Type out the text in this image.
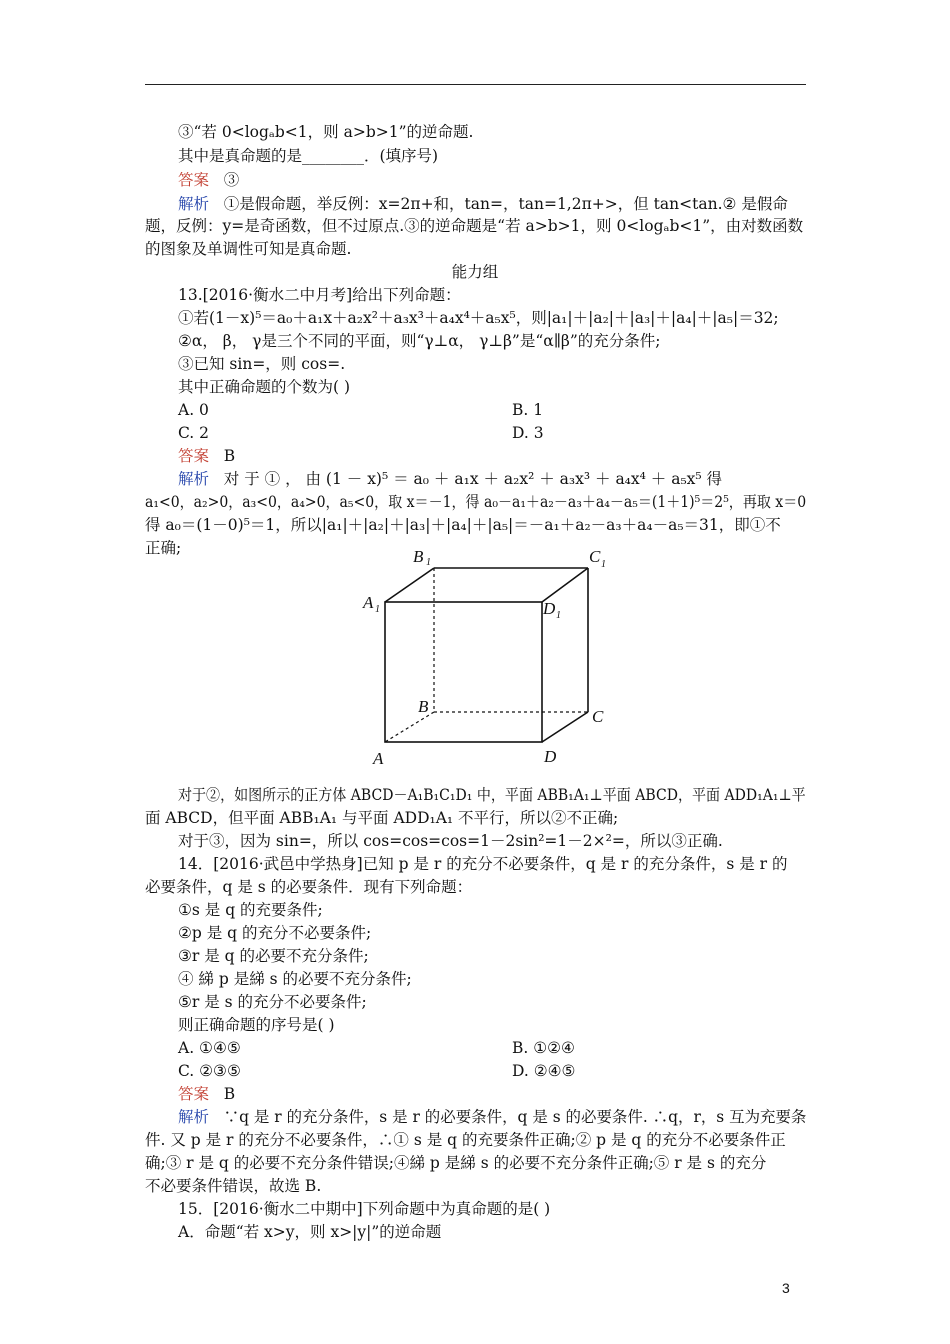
③“若 0<logₐb<1，则 a>b>1”的逆命题.
其中是真命题的是________．(填序号)
答案 ③
解析 ①是假命题，举反例：x=2π+和，tan=，tan=1,2π+>，但 tan<tan.② 是假命
题，反例：y=是奇函数，但不过原点.③的逆命题是“若 a>b>1，则 0<logₐb<1”，由对数函数
的图象及单调性可知是真命题.
能力组
13.[2016·衡水二中月考]给出下列命题：
①若(1－x)⁵＝a₀＋a₁x＋a₂x²＋a₃x³＋a₄x⁴＋a₅x⁵，则|a₁|＋|a₂|＋|a₃|＋|a₄|＋|a₅|＝32;
②α， β， γ是三个不同的平面，则“γ⊥α， γ⊥β”是“α∥β”的充分条件;
③已知 sin=，则 cos=.
其中正确命题的个数为( )
A. 0	B. 1
C. 2	D. 3
答案 B
解析 对 于 ① ， 由 (1 － x)⁵ ＝ a₀ ＋ a₁x ＋ a₂x² ＋ a₃x³ ＋ a₄x⁴ ＋ a₅x⁵ 得
a₁<0，a₂>0，a₃<0，a₄>0，a₅<0，取 x＝－1，得 a₀－a₁＋a₂－a₃＋a₄－a₅＝(1＋1)⁵＝2⁵，再取 x＝0
得 a₀＝(1－0)⁵＝1，所以|a₁|＋|a₂|＋|a₃|＋|a₄|＋|a₅|＝－a₁＋a₂－a₃＋a₄－a₅＝31，即①不
正确;	B	C
A	D
B
C
A	D
1	1
1
1
对于②，如图所示的正方体 ABCD－A₁B₁C₁D₁ 中，平面 ABB₁A₁⊥平面 ABCD，平面 ADD₁A₁⊥平
面 ABCD，但平面 ABB₁A₁ 与平面 ADD₁A₁ 不平行，所以②不正确;
对于③，因为 sin=，所以 cos=cos=cos=1－2sin²=1－2×²=，所以③正确.
14．[2016·武邑中学热身]已知 p 是 r 的充分不必要条件，q 是 r 的充分条件，s 是 r 的
必要条件，q 是 s 的必要条件．现有下列命题：
①s 是 q 的充要条件;
②p 是 q 的充分不必要条件;
③r 是 q 的必要不充分条件;
④ 綈 p 是綈 s 的必要不充分条件;
⑤r 是 s 的充分不必要条件;
则正确命题的序号是( )
A. ①④⑤	B. ①②④
C. ②③⑤	D. ②④⑤
答案 B
解析 ∵q 是 r 的充分条件，s 是 r 的必要条件，q 是 s 的必要条件. ∴q，r，s 互为充要条
件. 又 p 是 r 的充分不必要条件，∴① s 是 q 的充要条件正确;② p 是 q 的充分不必要条件正
确;③ r 是 q 的必要不充分条件错误;④綈 p 是綈 s 的必要不充分条件正确;⑤ r 是 s 的充分
不必要条件错误，故选 B.
15．[2016·衡水二中期中]下列命题中为真命题的是( )
A．命题“若 x>y，则 x>|y|”的逆命题
3
